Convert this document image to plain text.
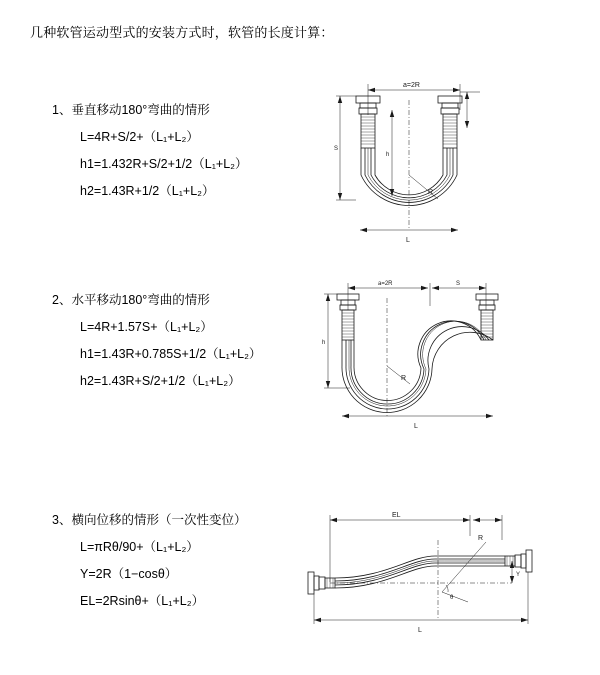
几种软管运动型式的安装方式时，软管的长度计算：
1、垂直移动180°弯曲的情形
L=4R+S/2+（L₁+L₂）
h1=1.432R+S/2+1/2（L₁+L₂）
h2=1.43R+1/2（L₁+L₂）
a=2R
R
S
h
L
2、水平移动180°弯曲的情形
L=4R+1.57S+（L₁+L₂）
h1=1.43R+0.785S+1/2（L₁+L₂）
h2=1.43R+S/2+1/2（L₁+L₂）
a=2R	S
R
h
L
3、横向位移的情形（一次性变位）
L=πRθ/90+（L₁+L₂）
Y=2R（1−cosθ）
EL=2Rsinθ+（L₁+L₂）
EL
Y
R
θ
L
